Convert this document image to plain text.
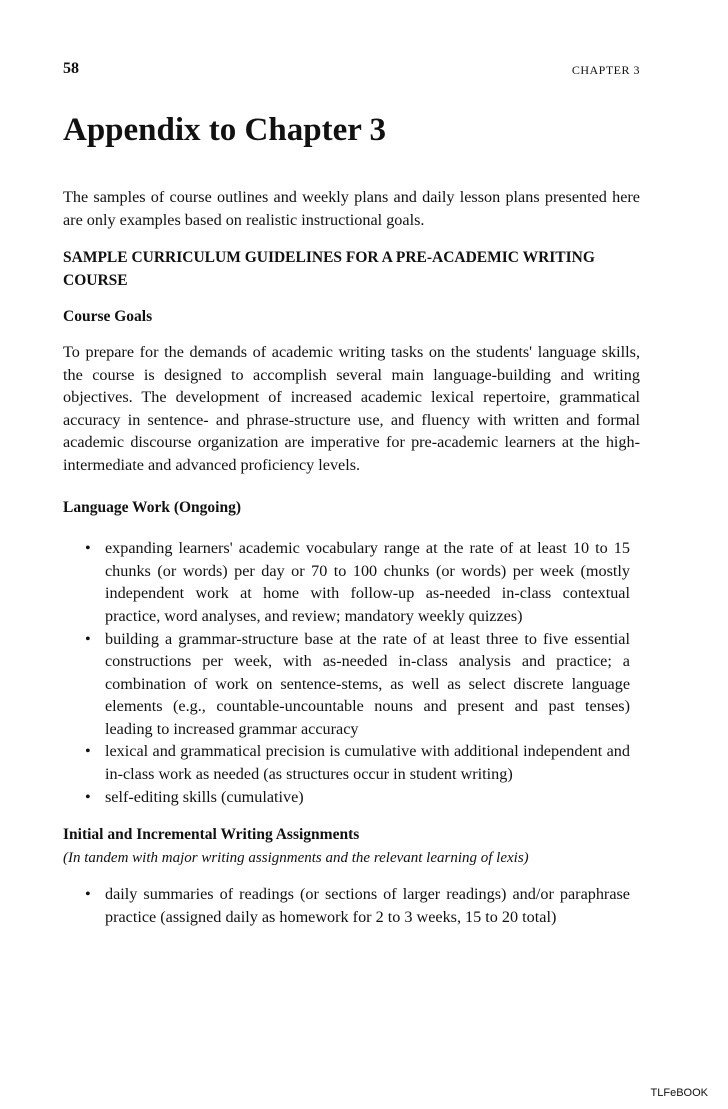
58	CHAPTER 3
Appendix to Chapter 3

The samples of course outlines and weekly plans and daily lesson plans presented here are only examples based on realistic instructional goals.

SAMPLE CURRICULUM GUIDELINES FOR A PRE-ACADEMIC WRITING COURSE
Course Goals

To prepare for the demands of academic writing tasks on the students' language skills, the course is designed to accomplish several main language-building and writing objectives. The development of increased academic lexical repertoire, grammatical accuracy in sentence- and phrase-structure use, and fluency with written and formal academic discourse organization are imperative for pre-academic learners at the high-intermediate and advanced proficiency levels.

Language Work (Ongoing)
• expanding learners' academic vocabulary range at the rate of at least 10 to 15 chunks (or words) per day or 70 to 100 chunks (or words) per week (mostly independent work at home with follow-up as-needed in-class contextual practice, word analyses, and review; mandatory weekly quizzes)
• building a grammar-structure base at the rate of at least three to five essential constructions per week, with as-needed in-class analysis and practice; a combination of work on sentence-stems, as well as select discrete language elements (e.g., countable-uncountable nouns and present and past tenses) leading to increased grammar accuracy
• lexical and grammatical precision is cumulative with additional independent and in-class work as needed (as structures occur in student writing)
• self-editing skills (cumulative)
Initial and Incremental Writing Assignments
(In tandem with major writing assignments and the relevant learning of lexis)
• daily summaries of readings (or sections of larger readings) and/or paraphrase practice (assigned daily as homework for 2 to 3 weeks, 15 to 20 total)
TLFeBOOK
